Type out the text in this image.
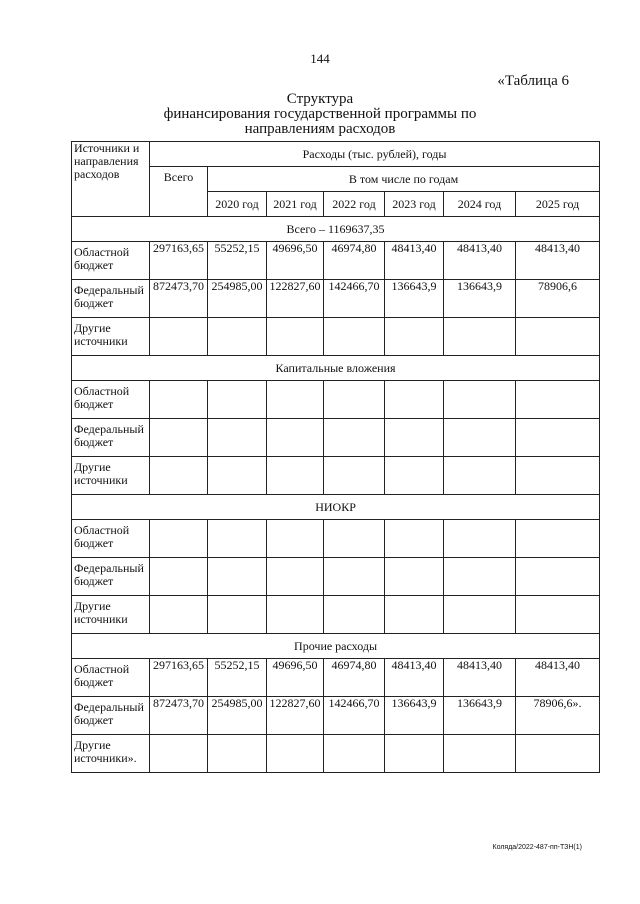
144
«Таблица 6
Структура
финансирования государственной программы по
направлениям расходов
Источники и направления расходов	Расходы (тыс. рублей), годы						
	Всего	В том числе по годам					
		2020 год	2021 год	2022 год	2023 год	2024 год	2025 год
Всего – 1169637,35							
Областной бюджет	297163,65	55252,15	49696,50	46974,80	48413,40	48413,40	48413,40
Федеральный бюджет	872473,70	254985,00	122827,60	142466,70	136643,9	136643,9	78906,6
Другие источники							
Капитальные вложения							
Областной бюджет							
Федеральный бюджет							
Другие источники							
НИОКР							
Областной бюджет							
Федеральный бюджет							
Другие источники							
Прочие расходы							
Областной бюджет	297163,65	55252,15	49696,50	46974,80	48413,40	48413,40	48413,40
Федеральный бюджет	872473,70	254985,00	122827,60	142466,70	136643,9	136643,9	78906,6».
Другие источники».							
Коляда/2022-487-пп-ТЗН(1)
